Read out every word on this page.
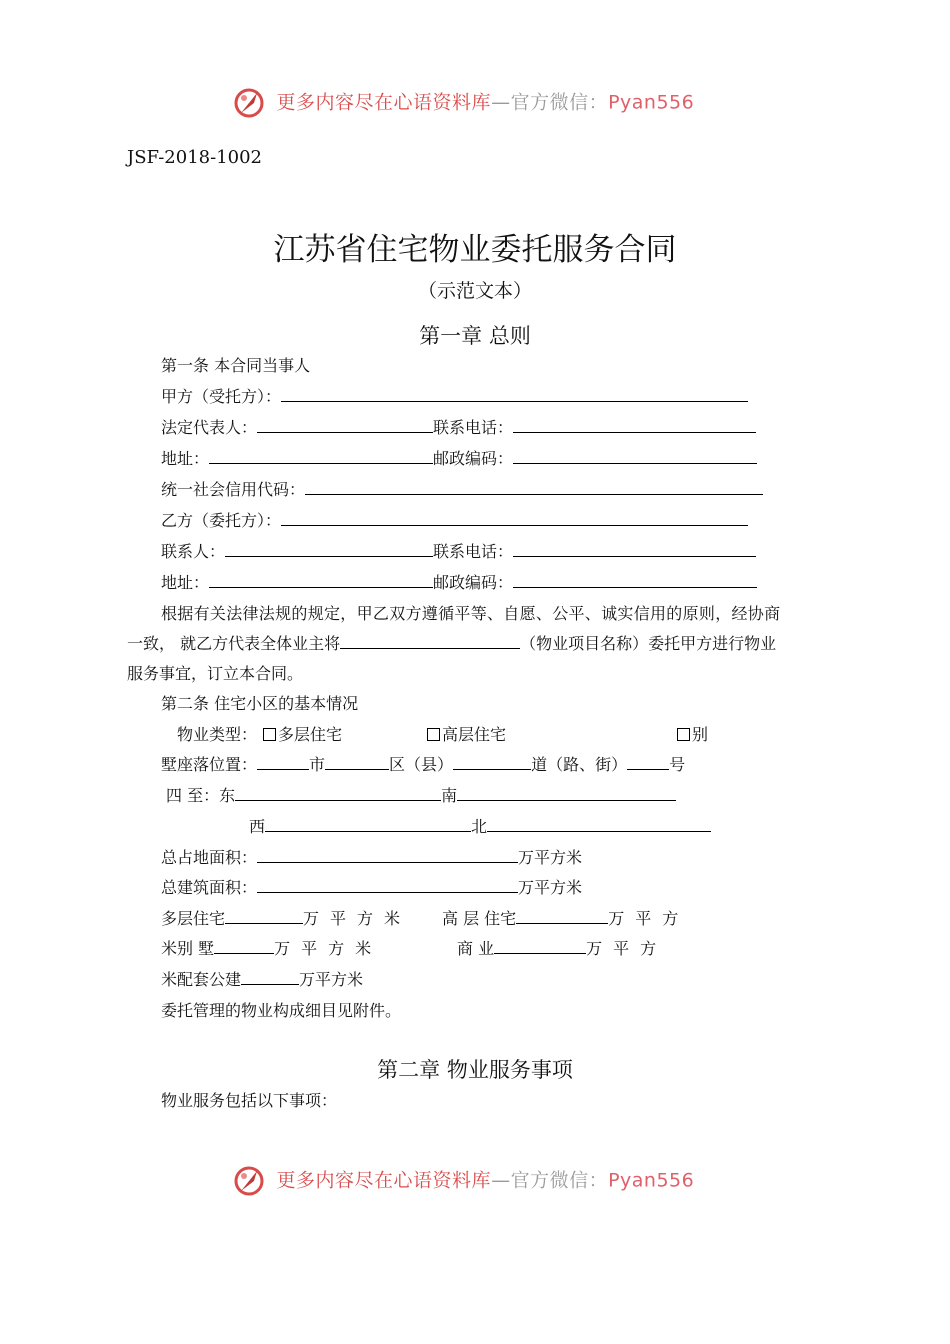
更多内容尽在心语资料库—官方微信：Pyan556
JSF-2018-1002
江苏省住宅物业委托服务合同
（示范文本）
第一章 总则
第一条 本合同当事人
甲方（受托方）：
法定代表人：	联系电话：
地址：	邮政编码：
统一社会信用代码：
乙方（委托方）：
联系人：	联系电话：
地址：	邮政编码：
根据有关法律法规的规定，甲乙双方遵循平等、自愿、公平、诚实信用的原则，经协商
一致， 就乙方代表全体业主将	（物业项目名称）委托甲方进行物业
服务事宜，订立本合同。
第二条 住宅小区的基本情况
物业类型：	多层住宅	高层住宅	别
墅座落位置：	市	区（县）	道（路、街）	号
四 至：东	南
西	北
总占地面积：	万平方米
总建筑面积：	万平方米
多层住宅	万平方米	高 层 住宅	万平方
米别 墅	万平方米	商 业	万平方
米配套公建	万平方米
委托管理的物业构成细目见附件。
第二章 物业服务事项
物业服务包括以下事项：
更多内容尽在心语资料库—官方微信：Pyan556
